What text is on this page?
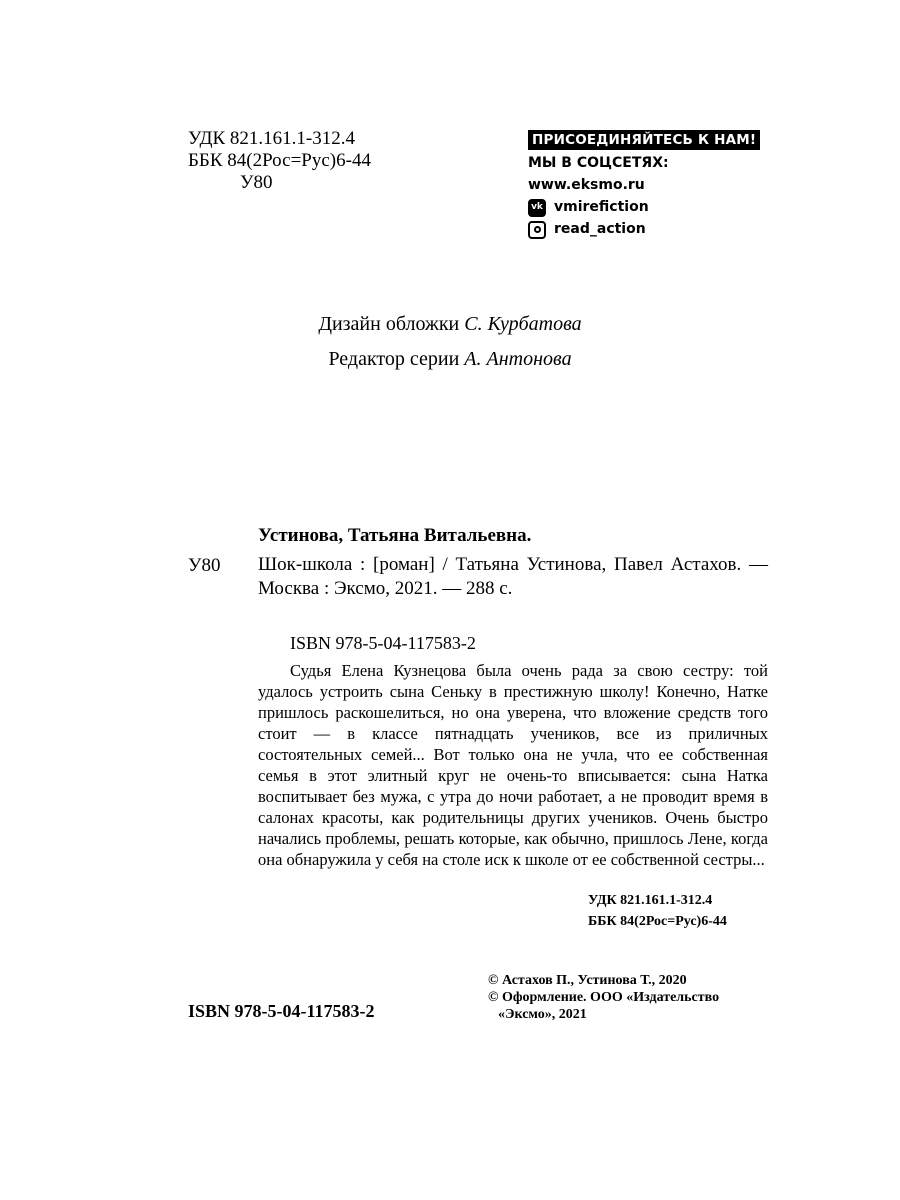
УДК 821.161.1-312.4
ББК 84(2Рос=Рус)6-44
У80
ПРИСОЕДИНЯЙТЕСЬ К НАМ!
МЫ В СОЦСЕТЯХ:
www.eksmo.ru
vk vmirefiction
read_action
Дизайн обложки С. Курбатова
Редактор серии А. Антонова
Устинова, Татьяна Витальевна.
У80 Шок-школа : [роман] / Татьяна Устинова, Павел Астахов. — Москва : Эксмо, 2021. — 288 с.
ISBN 978-5-04-117583-2
Судья Елена Кузнецова была очень рада за свою сестру: той удалось устроить сына Сеньку в престижную школу! Конечно, Натке пришлось раскошелиться, но она уверена, что вложение средств того стоит — в классе пятнадцать учеников, все из приличных состоятельных семей... Вот только она не учла, что ее собственная семья в этот элитный круг не очень-то вписывается: сына Натка воспитывает без мужа, с утра до ночи работает, а не проводит время в салонах красоты, как родительницы других учеников. Очень быстро начались проблемы, решать которые, как обычно, пришлось Лене, когда она обнаружила у себя на столе иск к школе от ее собственной сестры...
УДК 821.161.1-312.4
ББК 84(2Рос=Рус)6-44
© Астахов П., Устинова Т., 2020
© Оформление. ООО «Издательство
«Эксмо», 2021
ISBN 978-5-04-117583-2
